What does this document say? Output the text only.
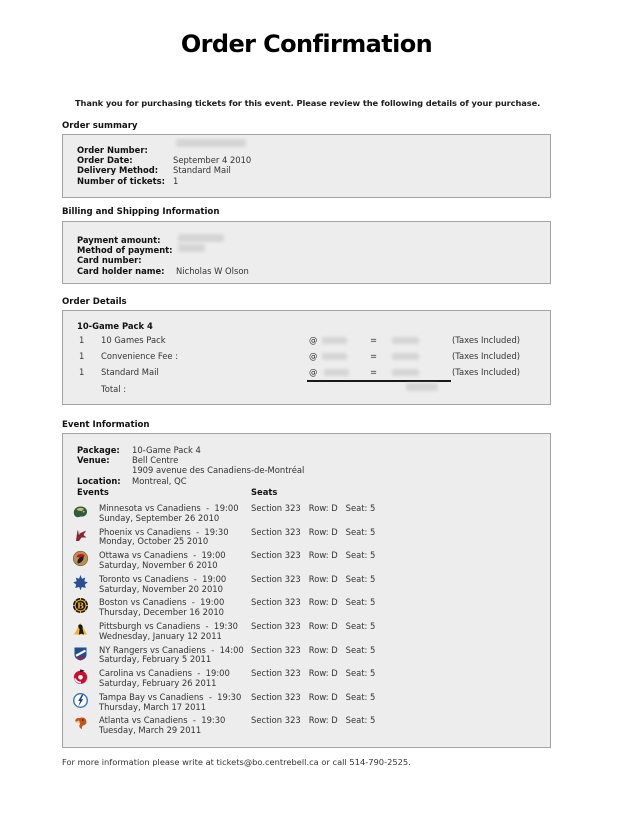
Order Confirmation
Thank you for purchasing tickets for this event. Please review the following details of your purchase.
Order summary
Order Number:
Order Date:	September 4 2010
Delivery Method:	Standard Mail
Number of tickets: 1
Billing and Shipping Information
Payment amount:
Method of payment:
Card number:
Card holder name:	Nicholas W Olson
Order Details
10-Game Pack 4
1 10 Games Pack	@	=	(Taxes Included)
1 Convenience Fee :	@	=	(Taxes Included)
1 Standard Mail	@	=	(Taxes Included)
Total :
Event Information
Package:	10-Game Pack 4
Venue:	Bell Centre
1909 avenue des Canadiens-de-Montréal
Location:	Montreal, QC
Events	Seats
Minnesota vs Canadiens  -  19:00
Sunday, September 26 2010
Section 323   Row: D   Seat: 5
Phoenix vs Canadiens  -  19:30
Monday, October 25 2010
Section 323   Row: D   Seat: 5
Ottawa vs Canadiens  -  19:00
Saturday, November 6 2010
Section 323   Row: D   Seat: 5
Toronto vs Canadiens  -  19:00
Saturday, November 20 2010
Section 323   Row: D   Seat: 5
B Boston vs Canadiens  -  19:00
Thursday, December 16 2010
Section 323   Row: D   Seat: 5
Pittsburgh vs Canadiens  -  19:30
Wednesday, January 12 2011
Section 323   Row: D   Seat: 5
NY Rangers vs Canadiens  -  14:00
Saturday, February 5 2011
Section 323   Row: D   Seat: 5
Carolina vs Canadiens  -  19:00
Saturday, February 26 2011
Section 323   Row: D   Seat: 5
Tampa Bay vs Canadiens  -  19:30
Thursday, March 17 2011
Section 323   Row: D   Seat: 5
Atlanta vs Canadiens  -  19:30
Tuesday, March 29 2011
Section 323   Row: D   Seat: 5
For more information please write at tickets@bo.centrebell.ca or call 514-790-2525.
